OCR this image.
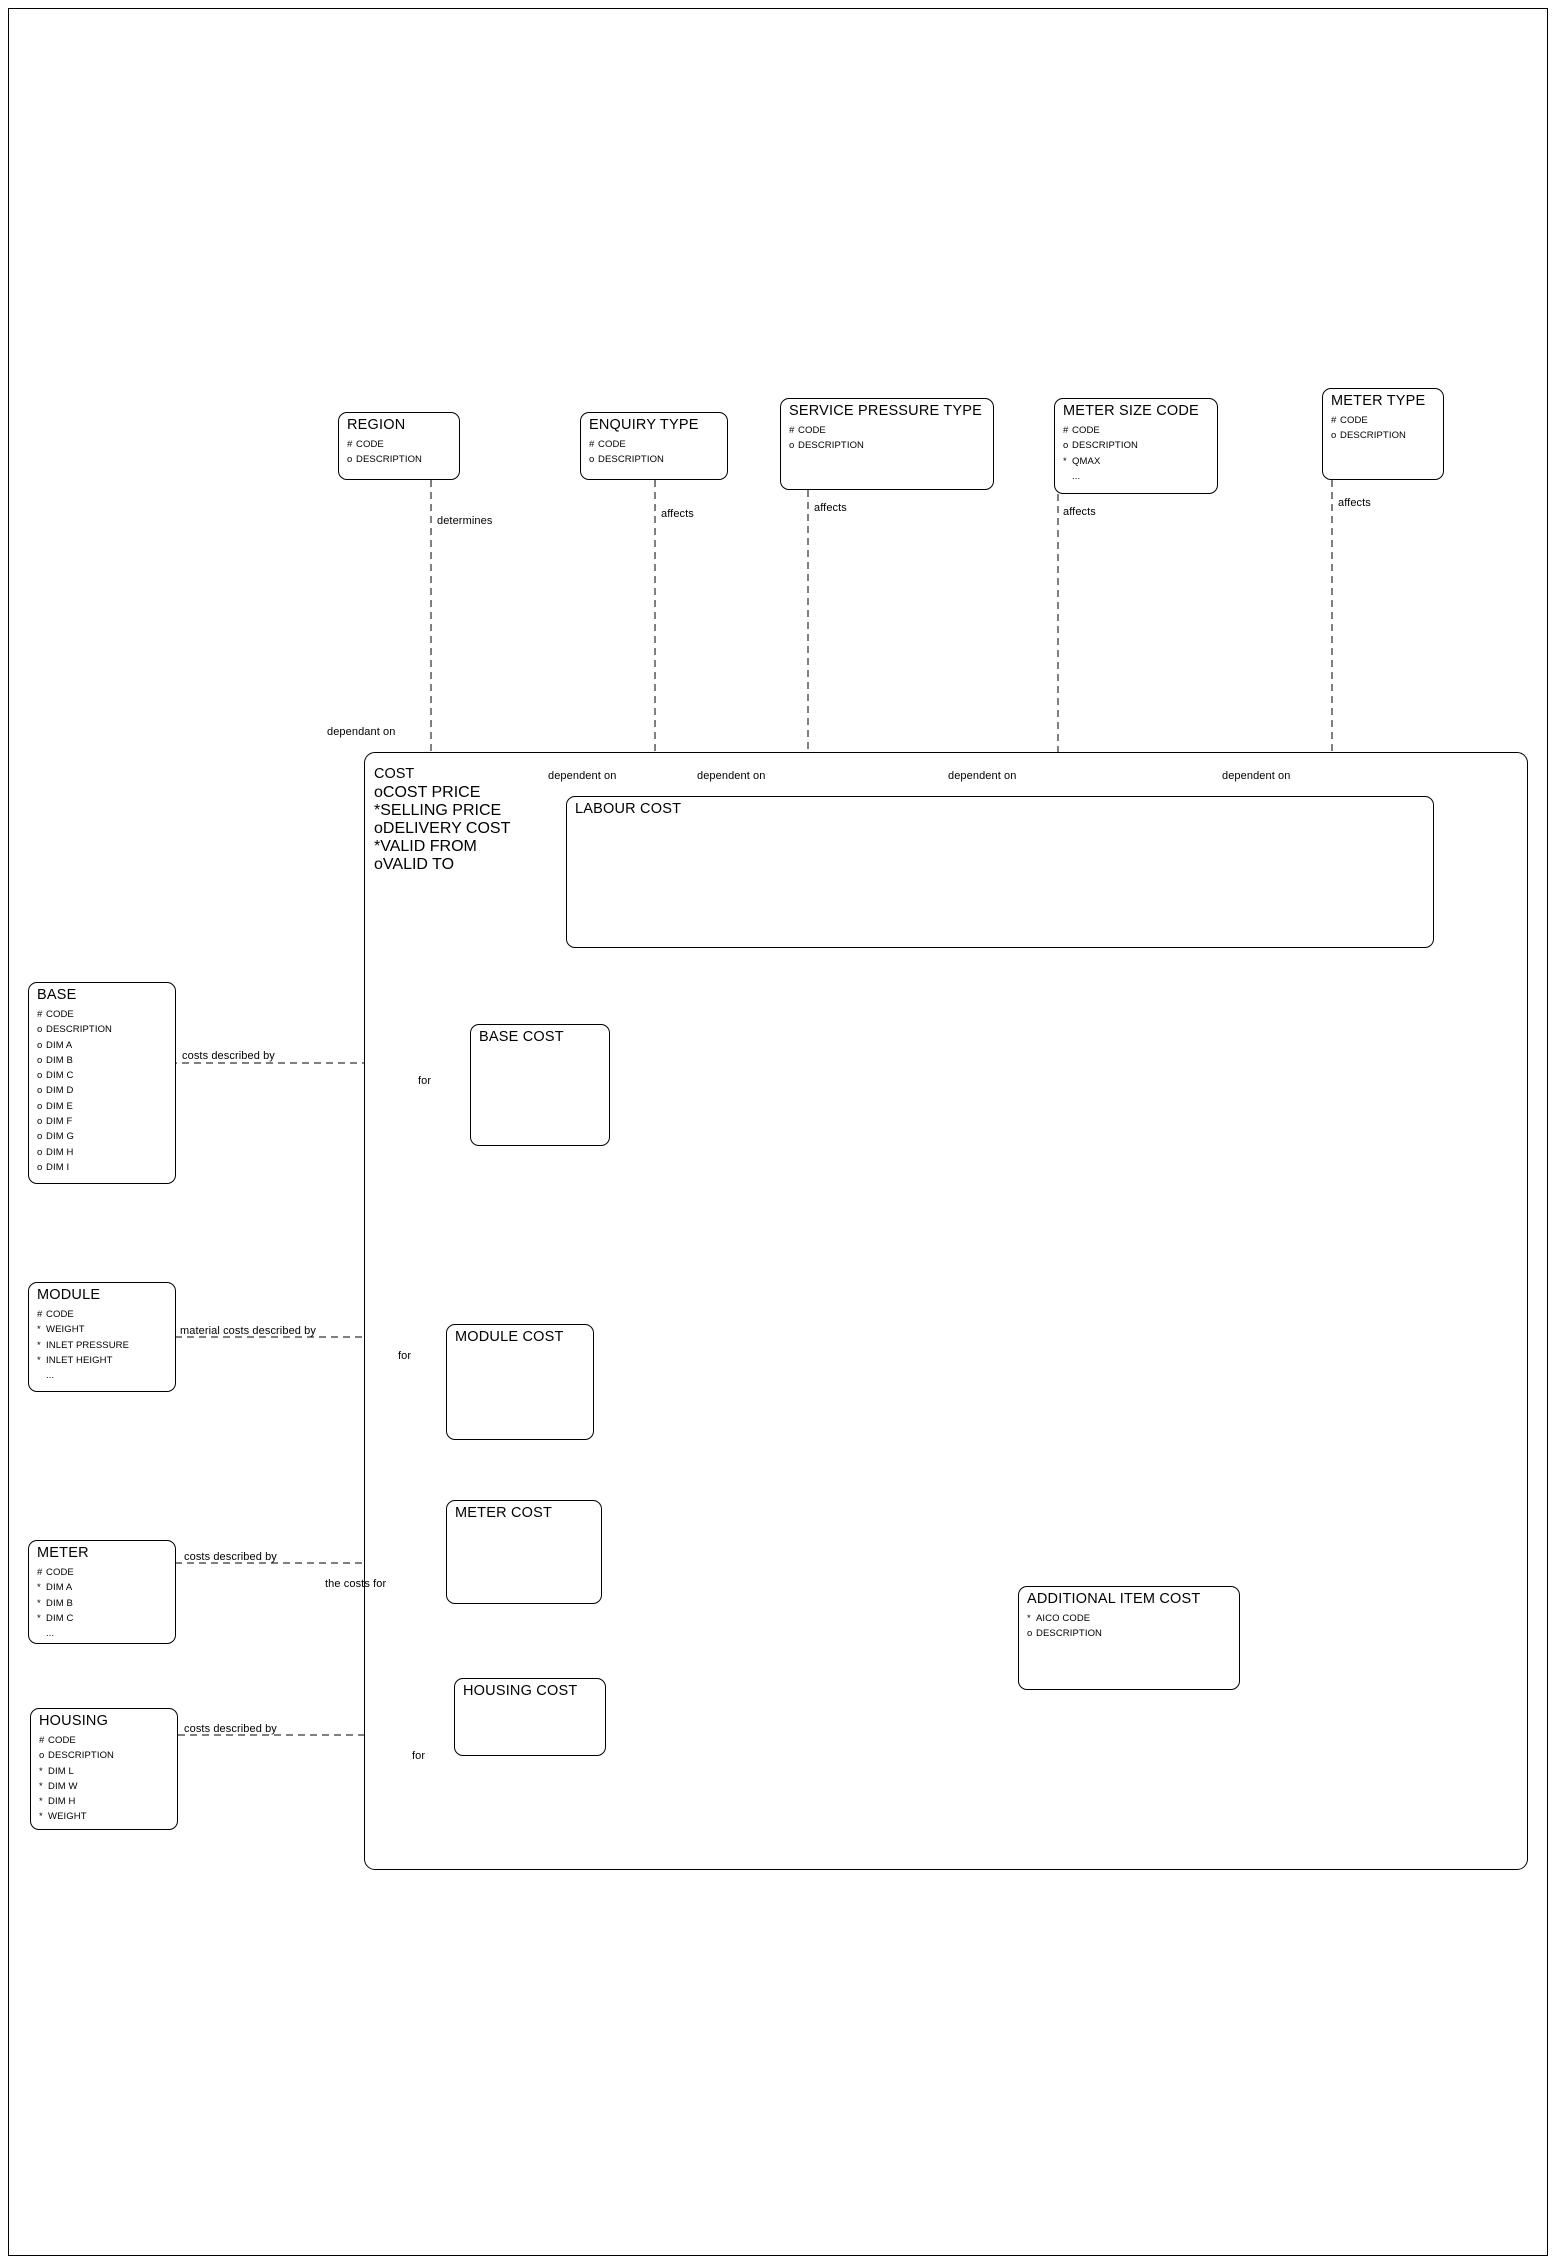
COST
oCOST PRICE
*SELLING PRICE
oDELIVERY COST
*VALID FROM
oVALID TO
LABOUR COST
REGION
# CODE
o DESCRIPTION
ENQUIRY TYPE
# CODE
o DESCRIPTION
SERVICE PRESSURE TYPE
# CODE
o DESCRIPTION
METER SIZE CODE
# CODE
o DESCRIPTION
* QMAX
...
METER TYPE
# CODE
o DESCRIPTION
BASE
# CODE
o DESCRIPTION
o DIM A
o DIM B
o DIM C
o DIM D
o DIM E
o DIM F
o DIM G
o DIM H
o DIM I
BASE COST
MODULE
# CODE
* WEIGHT
* INLET PRESSURE
* INLET HEIGHT
...
MODULE COST
METER
# CODE
* DIM A
* DIM B
* DIM C
...
METER COST
HOUSING
# CODE
o DESCRIPTION
* DIM L
* DIM W
* DIM H
* WEIGHT
HOUSING COST
ADDITIONAL ITEM COST
* AICO CODE
o DESCRIPTION
determines
affects	affects	affects
affects
dependant on
dependent on	dependent on	dependent on	dependent on
costs described by
for
material costs described by
for
costs described by
the costs for
costs described by
for
